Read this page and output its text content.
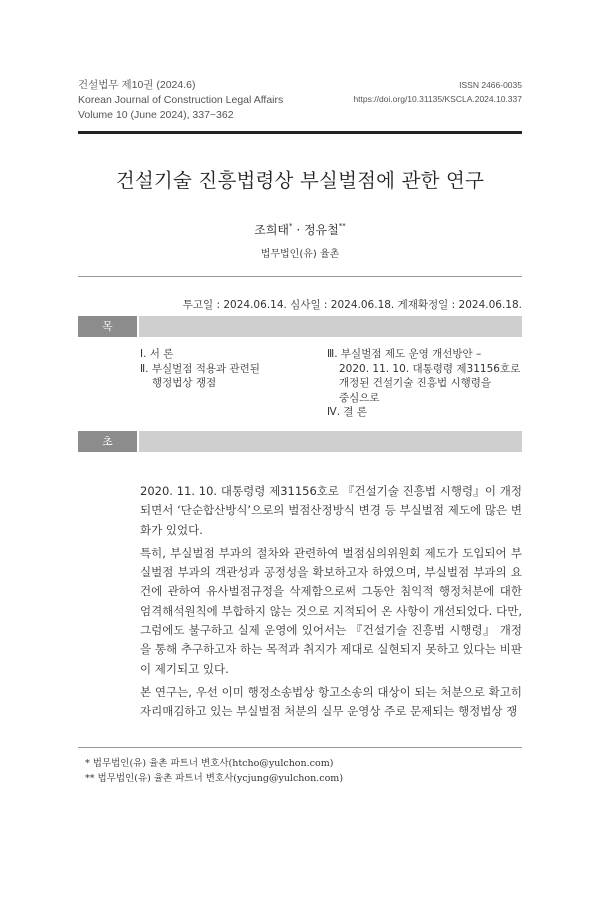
건설법무 제10권 (2024.6)
Korean Journal of Construction Legal Affairs
Volume 10 (June 2024), 337~362
ISSN 2466-0035
https://doi.org/10.31135/KSCLA.2024.10.337
건설기술 진흥법령상 부실벌점에 관한 연구
조희태* · 정유철**
법무법인(유) 율촌
투고일 : 2024.06.14. 심사일 : 2024.06.18. 게재확정일 : 2024.06.18.
목 차	Ⅰ. 서 론
Ⅱ. 부실벌점 적용과 관련된
행정법상 쟁점
Ⅲ. 부실벌점 제도 운영 개선방안 –
2020. 11. 10. 대통령령 제31156호로
개정된 건설기술 진흥법 시행령을
중심으로
Ⅳ. 결 론
초 록

2020. 11. 10. 대통령령 제31156호로 『건설기술 진흥법 시행령』이 개정되면서 ‘단순합산방식’으로의 벌점산정방식 변경 등 부실벌점 제도에 많은 변화가 있었다.

특히, 부실벌점 부과의 절차와 관련하여 벌점심의위원회 제도가 도입되어 부실벌점 부과의 객관성과 공정성을 확보하고자 하였으며, 부실벌점 부과의 요건에 관하여 유사벌점규정을 삭제함으로써 그동안 침익적 행정처분에 대한 엄격해석원칙에 부합하지 않는 것으로 지적되어 온 사항이 개선되었다. 다만, 그럼에도 불구하고 실제 운영에 있어서는 『건설기술 진흥법 시행령』 개정을 통해 추구하고자 하는 목적과 취지가 제대로 실현되지 못하고 있다는 비판이 제기되고 있다.

본 연구는, 우선 이미 행정소송법상 항고소송의 대상이 되는 처분으로 확고히 자리매김하고 있는 부실벌점 처분의 실무 운영상 주로 문제되는 행정법상 쟁

* 법무법인(유) 율촌 파트너 변호사(htcho@yulchon.com)
** 법무법인(유) 율촌 파트너 변호사(ycjung@yulchon.com)
